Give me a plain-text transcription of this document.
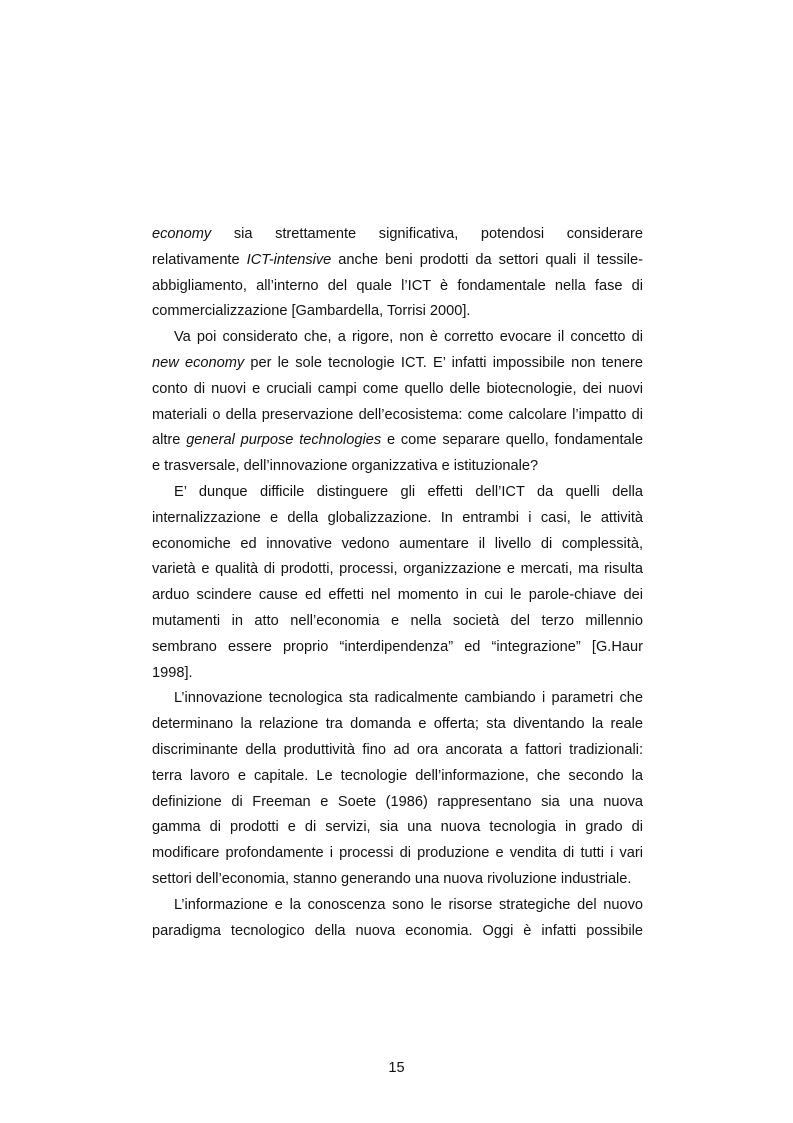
economy sia strettamente significativa, potendosi considerare
relativamente ICT-intensive anche beni prodotti da settori quali il tessile-
abbigliamento, all’interno del quale l’ICT è fondamentale nella fase di
commercializzazione [Gambardella, Torrisi 2000].
Va poi considerato che, a rigore, non è corretto evocare il concetto di
new economy per le sole tecnologie ICT. E’ infatti impossibile non tenere
conto di nuovi e cruciali campi come quello delle biotecnologie, dei nuovi
materiali o della preservazione dell’ecosistema: come calcolare l’impatto di
altre general purpose technologies e come separare quello, fondamentale
e trasversale, dell’innovazione organizzativa e istituzionale?
E’ dunque difficile distinguere gli effetti dell’ICT da quelli della
internalizzazione e della globalizzazione. In entrambi i casi, le attività
economiche ed innovative vedono aumentare il livello di complessità,
varietà e qualità di prodotti, processi, organizzazione e mercati, ma risulta
arduo scindere cause ed effetti nel momento in cui le parole-chiave dei
mutamenti in atto nell’economia e nella società del terzo millennio
sembrano essere proprio “interdipendenza” ed “integrazione” [G.Haur
1998].
L’innovazione tecnologica sta radicalmente cambiando i parametri che
determinano la relazione tra domanda e offerta; sta diventando la reale
discriminante della produttività fino ad ora ancorata a fattori tradizionali:
terra lavoro e capitale. Le tecnologie dell’informazione, che secondo la
definizione di Freeman e Soete (1986) rappresentano sia una nuova
gamma di prodotti e di servizi, sia una nuova tecnologia in grado di
modificare profondamente i processi di produzione e vendita di tutti i vari
settori dell’economia, stanno generando una nuova rivoluzione industriale.
L’informazione e la conoscenza sono le risorse strategiche del nuovo
paradigma tecnologico della nuova economia. Oggi è infatti possibile
15
